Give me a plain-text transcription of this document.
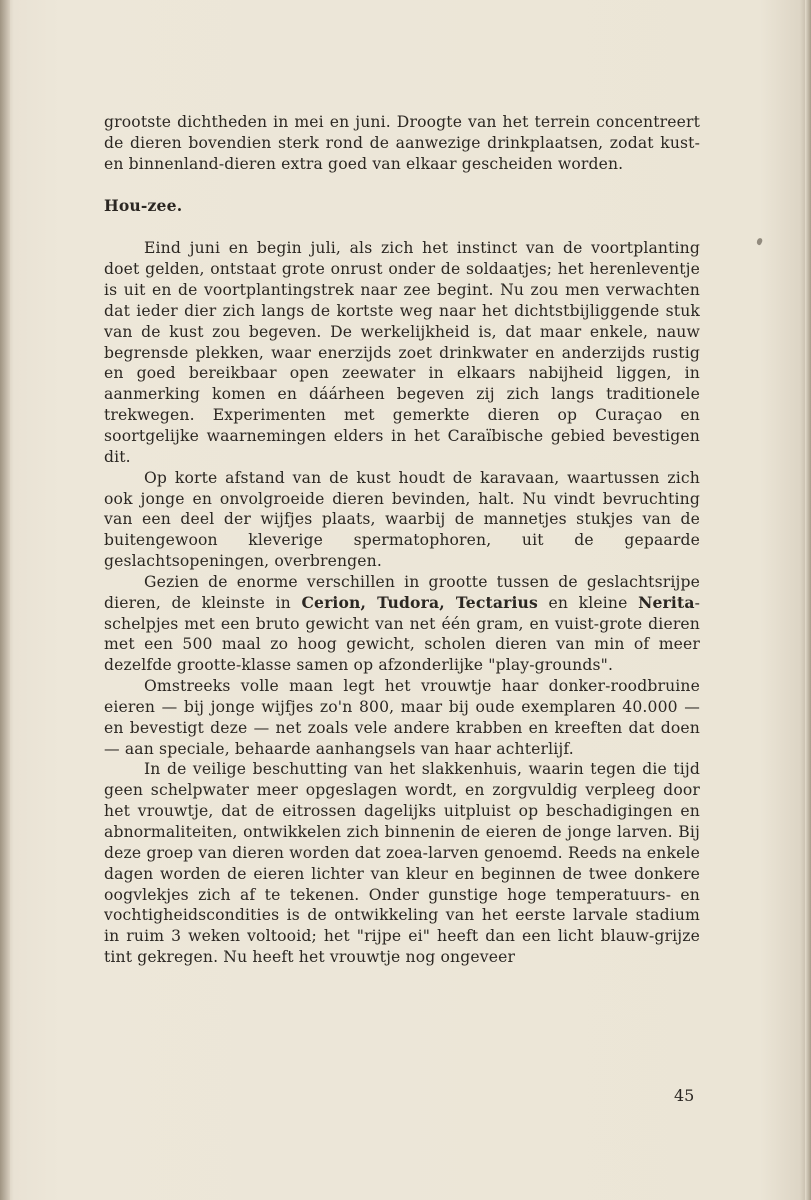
grootste dichtheden in mei en juni. Droogte van het terrein concentreert de dieren bovendien sterk rond de aanwezige drinkplaatsen, zodat kust- en binnenland-dieren extra goed van elkaar gescheiden worden.

Hou-zee.

Eind juni en begin juli, als zich het instinct van de voortplanting doet gelden, ontstaat grote onrust onder de soldaatjes; het herenleventje is uit en de voortplantingstrek naar zee begint. Nu zou men verwachten dat ieder dier zich langs de kortste weg naar het dichtstbijliggende stuk van de kust zou begeven. De werkelijkheid is, dat maar enkele, nauw begrensde plekken, waar enerzijds zoet drinkwater en anderzijds rustig en goed bereikbaar open zeewater in elkaars nabijheid liggen, in aanmerking komen en dáárheen begeven zij zich langs traditionele trekwegen. Experimenten met gemerkte dieren op Curaçao en soortgelijke waarnemingen elders in het Caraïbische gebied bevestigen dit.

Op korte afstand van de kust houdt de karavaan, waartussen zich ook jonge en onvolgroeide dieren bevinden, halt. Nu vindt bevruchting van een deel der wijfjes plaats, waarbij de mannetjes stukjes van de buitengewoon kleverige spermatophoren, uit de gepaarde geslachtsopeningen, overbrengen.

Gezien de enorme verschillen in grootte tussen de geslachtsrijpe dieren, de kleinste in Cerion, Tudora, Tectarius en kleine Nerita-schelpjes met een bruto gewicht van net één gram, en vuist-grote dieren met een 500 maal zo hoog gewicht, scholen dieren van min of meer dezelfde grootte-klasse samen op afzonderlijke "play-grounds".

Omstreeks volle maan legt het vrouwtje haar donker-roodbruine eieren — bij jonge wijfjes zo'n 800, maar bij oude exemplaren 40.000 — en bevestigt deze — net zoals vele andere krabben en kreeften dat doen — aan speciale, behaarde aanhangsels van haar achterlijf.

In de veilige beschutting van het slakkenhuis, waarin tegen die tijd geen schelpwater meer opgeslagen wordt, en zorgvuldig verpleeg door het vrouwtje, dat de eitrossen dagelijks uitpluist op beschadigingen en abnormaliteiten, ontwikkelen zich binnenin de eieren de jonge larven. Bij deze groep van dieren worden dat zoea-larven genoemd. Reeds na enkele dagen worden de eieren lichter van kleur en beginnen de twee donkere oogvlekjes zich af te tekenen. Onder gunstige hoge temperatuurs- en vochtigheidscondities is de ontwikkeling van het eerste larvale stadium in ruim 3 weken voltooid; het "rijpe ei" heeft dan een licht blauw-grijze tint gekregen. Nu heeft het vrouwtje nog ongeveer

45
